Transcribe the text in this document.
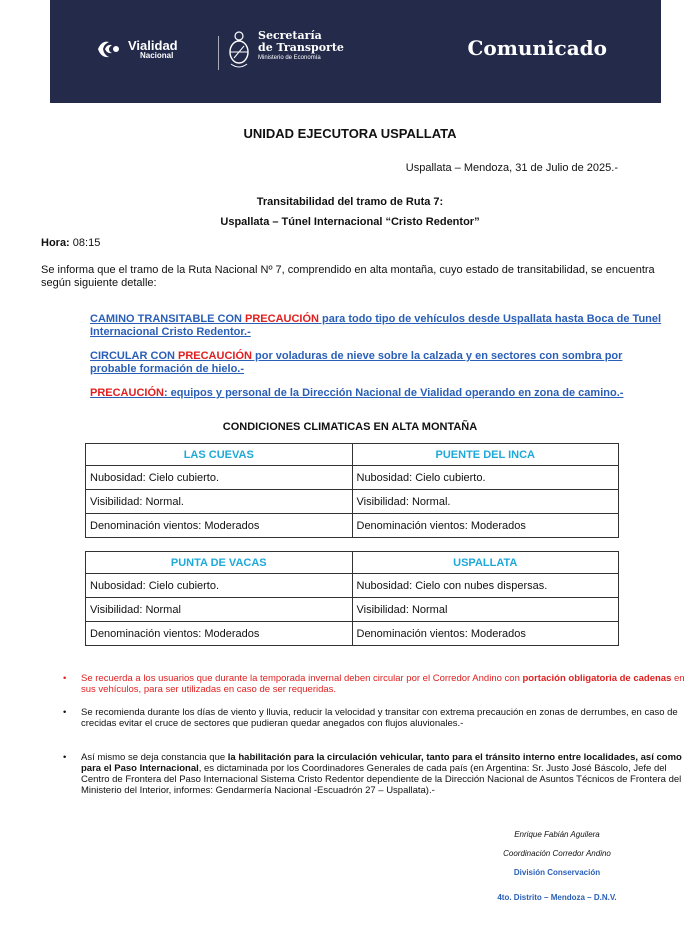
Vialidad
Nacional
Secretaría
de Transporte
Ministerio de Economía	Comunicado
UNIDAD EJECUTORA USPALLATA
Uspallata – Mendoza, 31 de Julio de 2025.-
Transitabilidad del tramo de Ruta 7:
Uspallata – Túnel Internacional “Cristo Redentor”
Hora: 08:15
Se informa que el tramo de la Ruta Nacional Nº 7, comprendido en alta montaña, cuyo estado de transitabilidad, se encuentra según siguiente detalle:
CAMINO TRANSITABLE CON PRECAUCIÓN para todo tipo de vehículos desde Uspallata hasta Boca de Tunel Internacional Cristo Redentor.-
CIRCULAR CON PRECAUCIÓN por voladuras de nieve sobre la calzada y en sectores con sombra por probable formación de hielo.-
PRECAUCIÓN: equipos y personal de la Dirección Nacional de Vialidad operando en zona de camino.-
CONDICIONES CLIMATICAS EN ALTA MONTAÑA
LAS CUEVAS	PUENTE DEL INCA
Nubosidad: Cielo cubierto.	Nubosidad: Cielo cubierto.
Visibilidad: Normal.	Visibilidad: Normal.
Denominación vientos: Moderados	Denominación vientos: Moderados
PUNTA DE VACAS	USPALLATA
Nubosidad: Cielo cubierto.	Nubosidad: Cielo con nubes dispersas.
Visibilidad: Normal	Visibilidad: Normal
Denominación vientos: Moderados	Denominación vientos: Moderados
• Se recuerda a los usuarios que durante la temporada invernal deben circular por el Corredor Andino con portación obligatoria de cadenas en sus vehículos, para ser utilizadas en caso de ser requeridas.
• Se recomienda durante los días de viento y lluvia, reducir la velocidad y transitar con extrema precaución en zonas de derrumbes, en caso de crecidas evitar el cruce de sectores que pudieran quedar anegados con flujos aluvionales.-
• Así mismo se deja constancia que la habilitación para la circulación vehicular, tanto para el tránsito interno entre localidades, así como para el Paso Internacional, es dictaminada por los Coordinadores Generales de cada país (en Argentina: Sr. Justo José Báscolo, Jefe del Centro de Frontera del Paso Internacional Sistema Cristo Redentor dependiente de la Dirección Nacional de Asuntos Técnicos de Frontera del Ministerio del Interior, informes: Gendarmería Nacional -Escuadrón 27 – Uspallata).-
Enrique Fabián Aguilera
Coordinación Corredor Andino
División Conservación
4to. Distrito – Mendoza – D.N.V.
